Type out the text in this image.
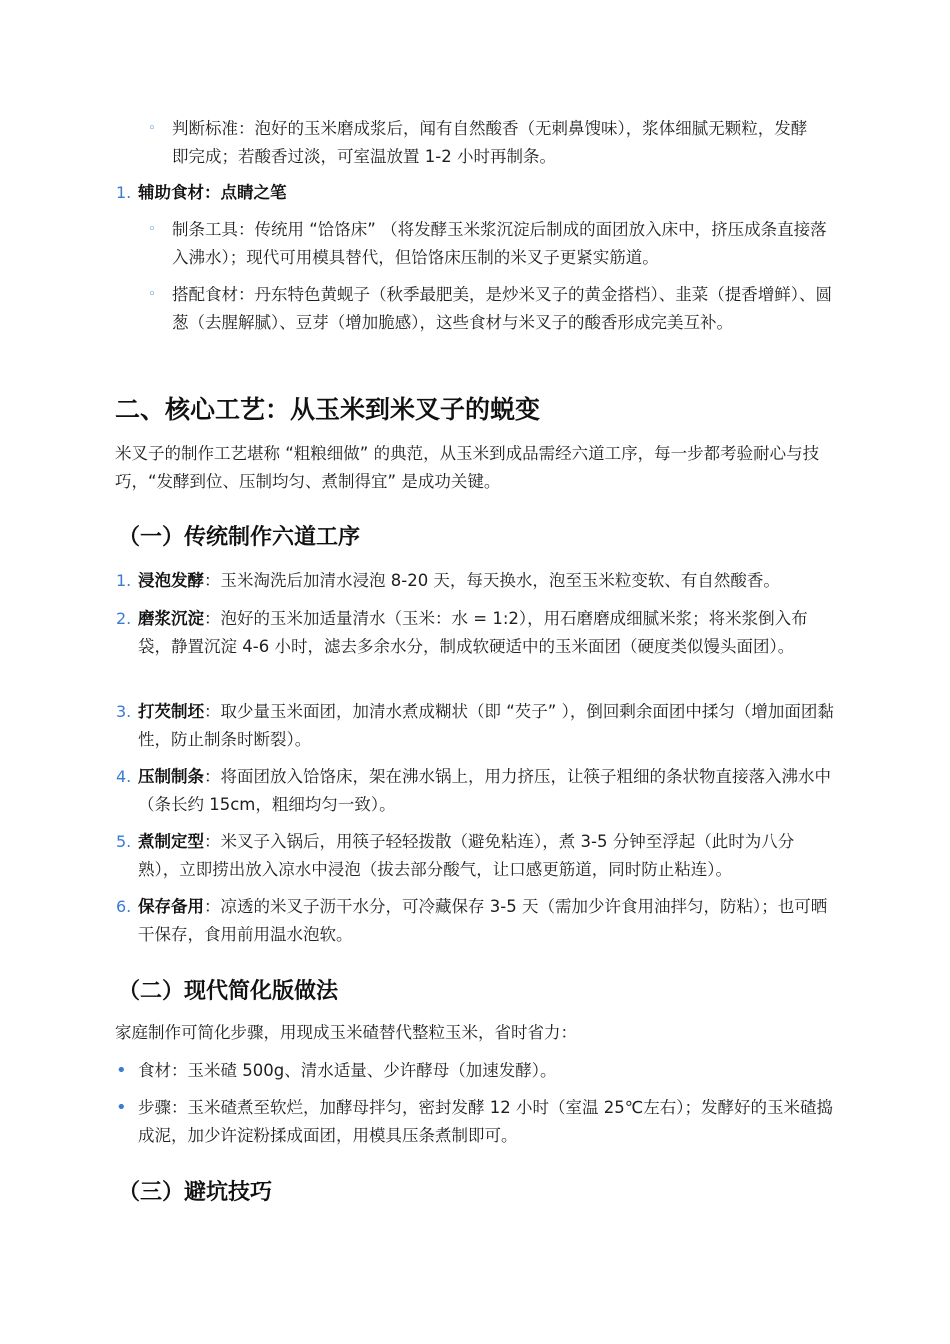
◦ 判断标准：泡好的玉米磨成浆后，闻有自然酸香（无刺鼻馊味），浆体细腻无颗粒，发酵即完成；若酸香过淡，可室温放置 1-2 小时再制条。
1. 辅助食材：点睛之笔
◦ 制条工具：传统用 “饸饹床” （将发酵玉米浆沉淀后制成的面团放入床中，挤压成条直接落入沸水）；现代可用模具替代，但饸饹床压制的米叉子更紧实筋道。
◦ 搭配食材：丹东特色黄蚬子（秋季最肥美，是炒米叉子的黄金搭档）、韭菜（提香增鲜）、圆葱（去腥解腻）、豆芽（增加脆感），这些食材与米叉子的酸香形成完美互补。
二、核心工艺：从玉米到米叉子的蜕变
米叉子的制作工艺堪称 “粗粮细做” 的典范，从玉米到成品需经六道工序，每一步都考验耐心与技巧，“发酵到位、压制均匀、煮制得宜” 是成功关键。
（一）传统制作六道工序
1. 浸泡发酵：玉米淘洗后加清水浸泡 8-20 天，每天换水，泡至玉米粒变软、有自然酸香。
2. 磨浆沉淀：泡好的玉米加适量清水（玉米：水 = 1:2），用石磨磨成细腻米浆；将米浆倒入布袋，静置沉淀 4-6 小时，滤去多余水分，制成软硬适中的玉米面团（硬度类似馒头面团）。
3. 打芡制坯：取少量玉米面团，加清水煮成糊状（即 “芡子” ），倒回剩余面团中揉匀（增加面团黏性，防止制条时断裂）。
4. 压制制条：将面团放入饸饹床，架在沸水锅上，用力挤压，让筷子粗细的条状物直接落入沸水中（条长约 15cm，粗细均匀一致）。
5. 煮制定型：米叉子入锅后，用筷子轻轻拨散（避免粘连），煮 3-5 分钟至浮起（此时为八分熟），立即捞出放入凉水中浸泡（拔去部分酸气，让口感更筋道，同时防止粘连）。
6. 保存备用：凉透的米叉子沥干水分，可冷藏保存 3-5 天（需加少许食用油拌匀，防粘）；也可晒干保存，食用前用温水泡软。
（二）现代简化版做法
家庭制作可简化步骤，用现成玉米碴替代整粒玉米，省时省力：
• 食材：玉米碴 500g、清水适量、少许酵母（加速发酵）。
• 步骤：玉米碴煮至软烂，加酵母拌匀，密封发酵 12 小时（室温 25℃左右）；发酵好的玉米碴捣成泥，加少许淀粉揉成面团，用模具压条煮制即可。
（三）避坑技巧
